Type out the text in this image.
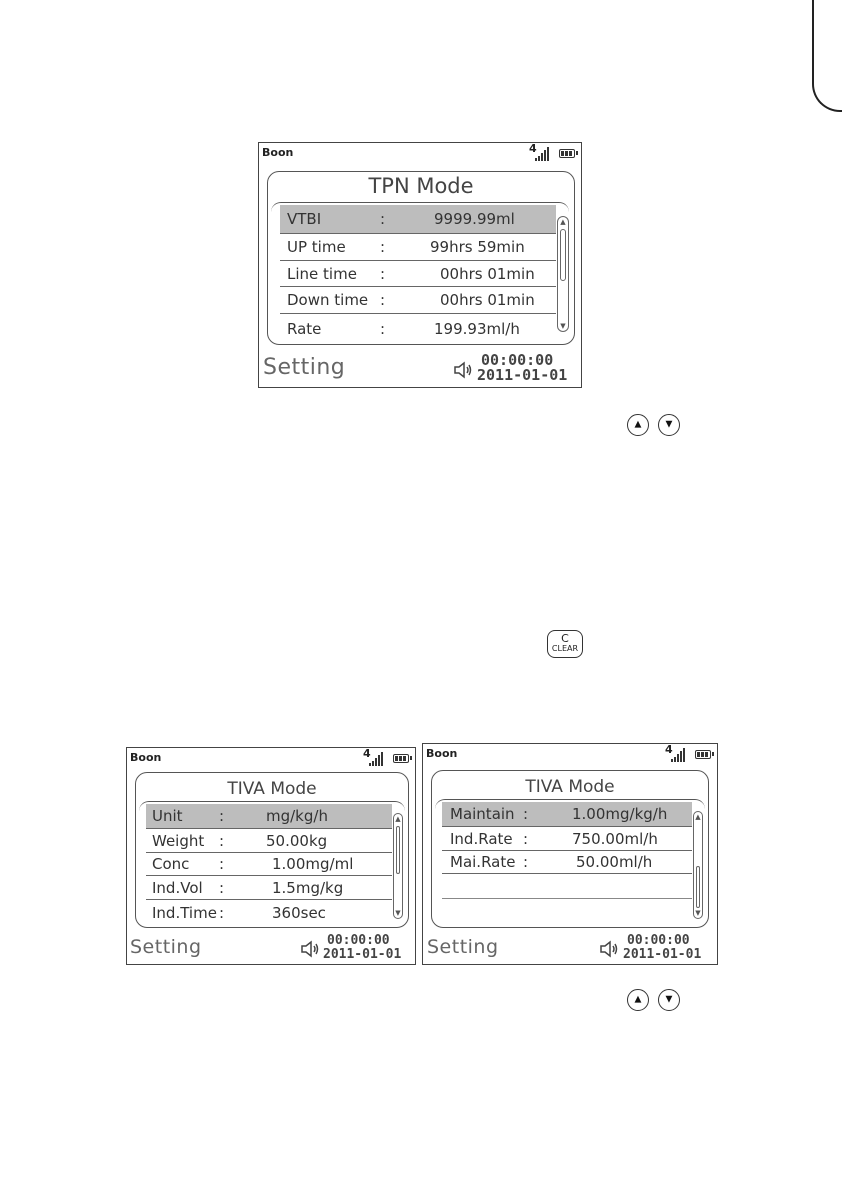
Boon	4
TPN Mode
VTBI	:	9999.99ml
UP time :	99hrs 59min
Line time :	00hrs 01min
Down time :	00hrs 01min
Rate	:	199.93ml/h
▲
▼
Setting	00:00:00
2011-01-01
▲	▼
C
CLEAR
Boon	4
TIVA Mode
Unit :	mg/kg/h
Weight :	50.00kg
Conc :	1.00mg/ml
Ind.Vol :	1.5mg/kg
Ind.Time :	360sec
▲
▼
Setting	00:00:00
2011-01-01
Boon	4
TIVA Mode
Maintain :	1.00mg/kg/h
Ind.Rate :	750.00ml/h
Mai.Rate :	50.00ml/h
▲
▼
Setting	00:00:00
2011-01-01
▲	▼
